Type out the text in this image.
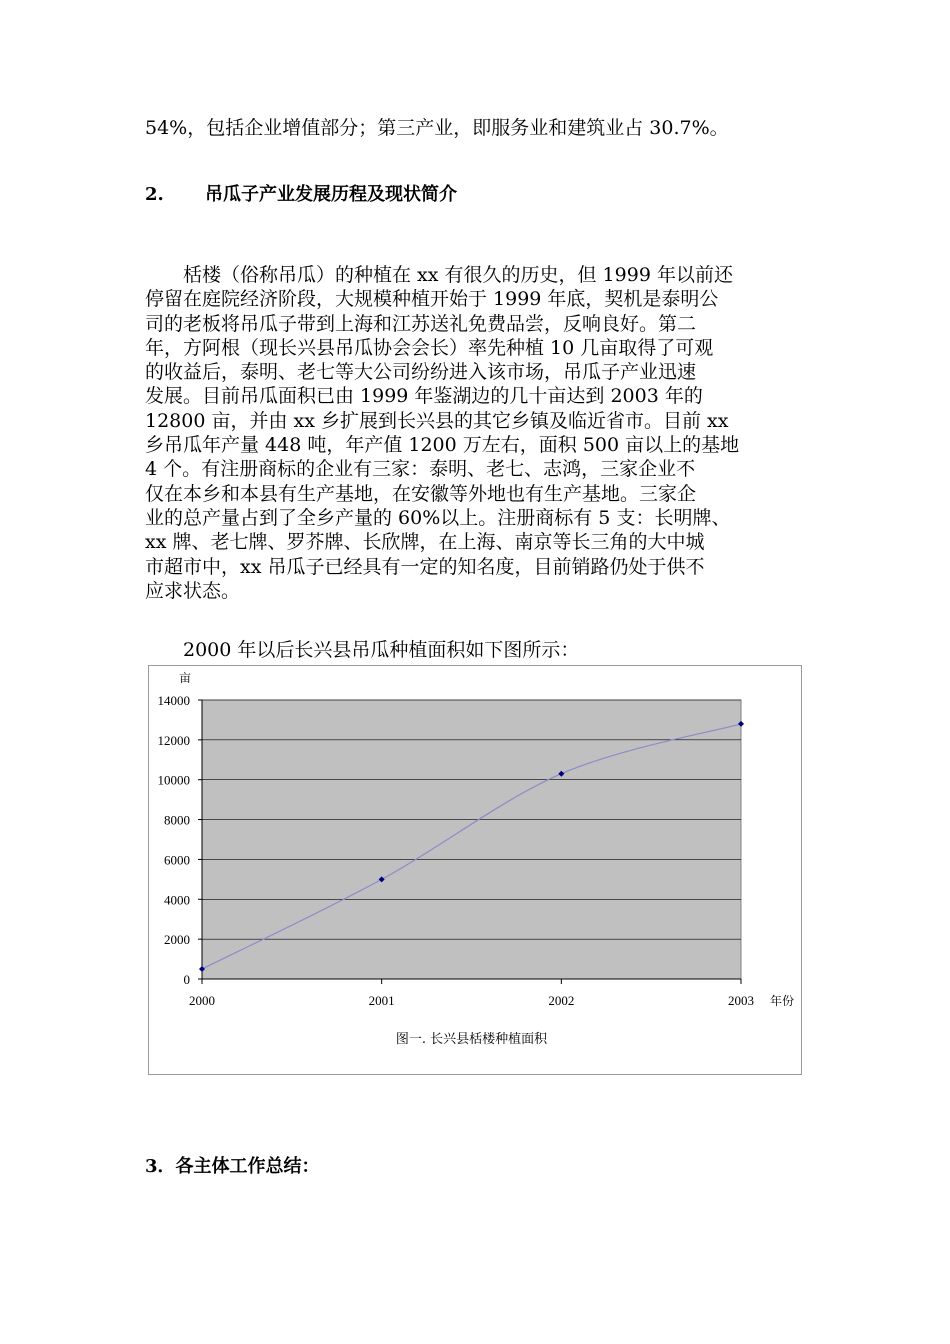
54%，包括企业增值部分；第三产业，即服务业和建筑业占 30.7%。
2. 吊瓜子产业发展历程及现状简介
　　栝楼（俗称吊瓜）的种植在 xx 有很久的历史，但 1999 年以前还
停留在庭院经济阶段，大规模种植开始于 1999 年底，契机是泰明公
司的老板将吊瓜子带到上海和江苏送礼免费品尝，反响良好。第二
年，方阿根（现长兴县吊瓜协会会长）率先种植 10 几亩取得了可观
的收益后，泰明、老七等大公司纷纷进入该市场，吊瓜子产业迅速
发展。目前吊瓜面积已由 1999 年鉴湖边的几十亩达到 2003 年的
12800 亩，并由 xx 乡扩展到长兴县的其它乡镇及临近省市。目前 xx
乡吊瓜年产量 448 吨，年产值 1200 万左右，面积 500 亩以上的基地
4 个。有注册商标的企业有三家：泰明、老七、志鸿，三家企业不
仅在本乡和本县有生产基地，在安徽等外地也有生产基地。三家企
业的总产量占到了全乡产量的 60%以上。注册商标有 5 支：长明牌、
xx 牌、老七牌、罗芥牌、长欣牌，在上海、南京等长三角的大中城
市超市中，xx 吊瓜子已经具有一定的知名度，目前销路仍处于供不
应求状态。
　　2000 年以后长兴县吊瓜种植面积如下图所示：
0
2000
4000
6000
8000
10000
12000
14000
2000	2001	2002	2003
亩
年份
图一. 长兴县栝楼种植面积
3．各主体工作总结：
